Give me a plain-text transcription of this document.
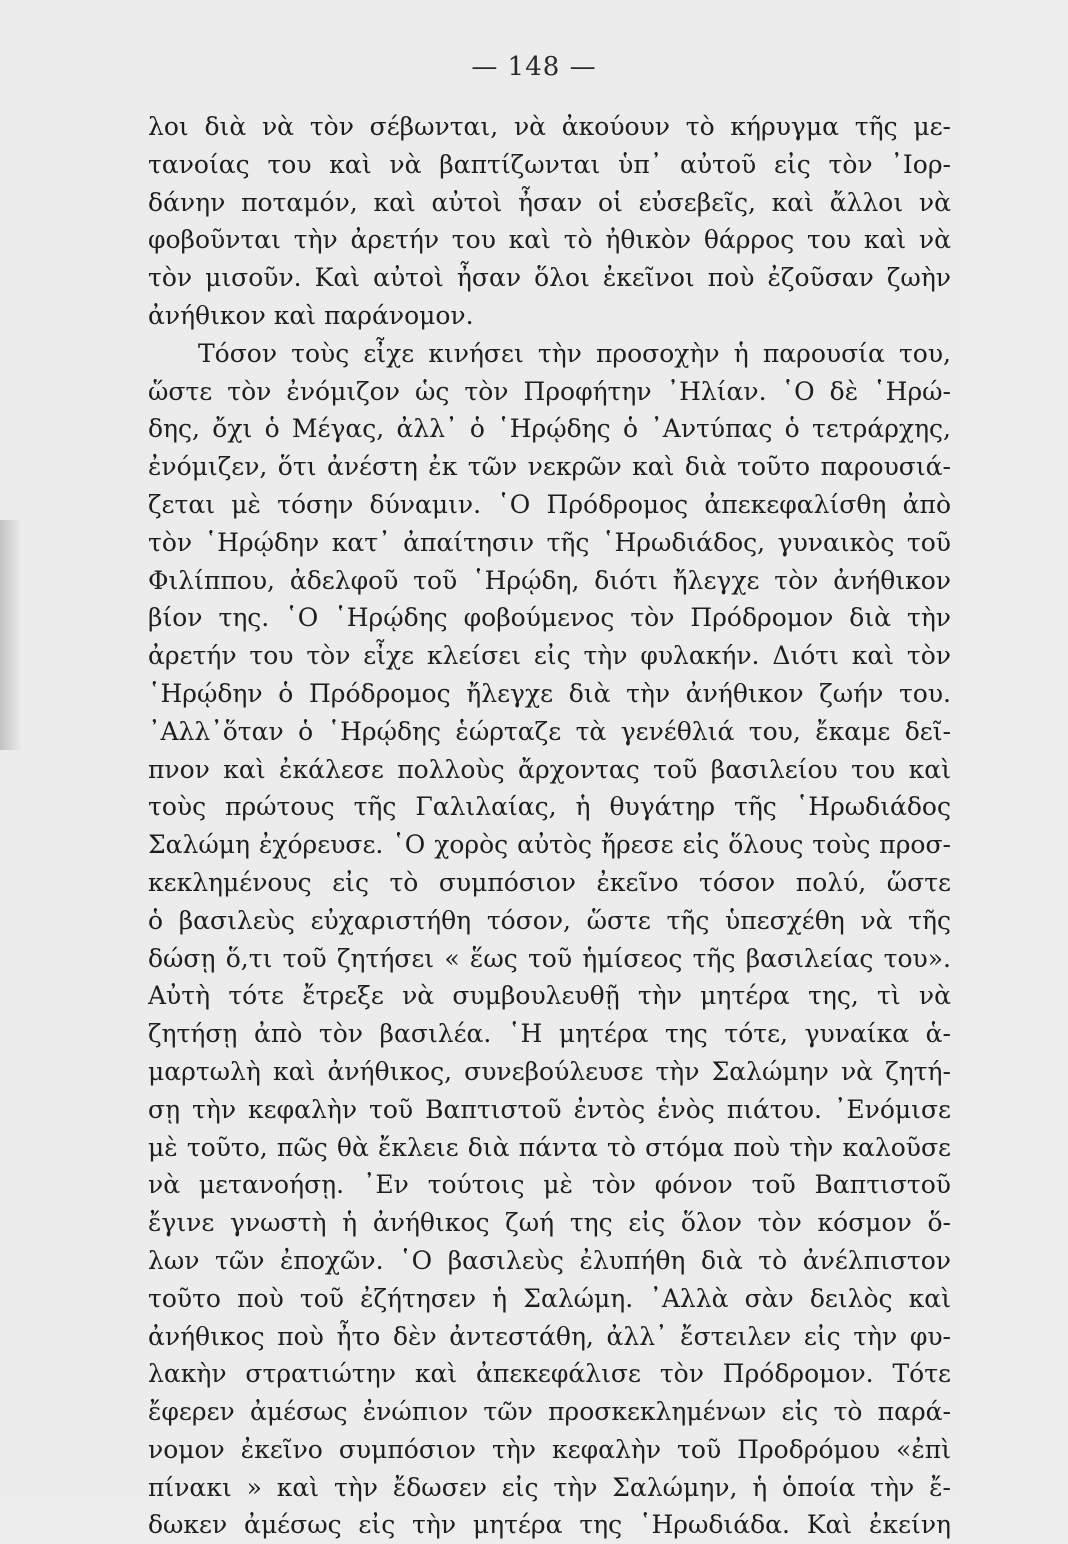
— 148 —
λοι διὰ νὰ τὸν σέβωνται, νὰ ἀκούουν τὸ κήρυγμα τῆς με-
τανοίας του καὶ νὰ βαπτίζωνται ὑπ᾽ αὐτοῦ εἰς τὸν ᾿Ιορ-
δάνην ποταμόν, καὶ αὐτοὶ ἦσαν οἱ εὐσεβεῖς, καὶ ἄλλοι νὰ
φοβοῦνται τὴν ἀρετήν του καὶ τὸ ἠθικὸν θάρρος του καὶ νὰ
τὸν μισοῦν. Καὶ αὐτοὶ ἦσαν ὅλοι ἐκεῖνοι ποὺ ἐζοῦσαν ζωὴν
ἀνήθικον καὶ παράνομον.
Τόσον τοὺς εἶχε κινήσει τὴν προσοχὴν ἡ παρουσία του,
ὥστε τὸν ἐνόμιζον ὡς τὸν Προφήτην ᾿Ηλίαν. ῾Ο δὲ ῾Ηρώ-
δης, ὄχι ὁ Μέγας, ἀλλ᾽ ὁ ῾Ηρῴδης ὁ ᾿Αντύπας ὁ τετράρχης,
ἐνόμιζεν, ὅτι ἀνέστη ἐκ τῶν νεκρῶν καὶ διὰ τοῦτο παρουσιά-
ζεται μὲ τόσην δύναμιν. ῾Ο Πρόδρομος ἀπεκεφαλίσθη ἀπὸ
τὸν ῾Ηρῴδην κατ᾽ ἀπαίτησιν τῆς ῾Ηρωδιάδος, γυναικὸς τοῦ
Φιλίππου, ἀδελφοῦ τοῦ ῾Ηρῴδη, διότι ἤλεγχε τὸν ἀνήθικον
βίον της. ῾Ο ῾Ηρῴδης φοβούμενος τὸν Πρόδρομον διὰ τὴν
ἀρετήν του τὸν εἶχε κλείσει εἰς τὴν φυλακήν. Διότι καὶ τὸν
῾Ηρῴδην ὁ Πρόδρομος ἤλεγχε διὰ τὴν ἀνήθικον ζωήν του.
᾿Αλλ᾽ὅταν ὁ ῾Ηρῴδης ἑώρταζε τὰ γενέθλιά του, ἔκαμε δεῖ-
πνον καὶ ἐκάλεσε πολλοὺς ἄρχοντας τοῦ βασιλείου του καὶ
τοὺς πρώτους τῆς Γαλιλαίας, ἡ θυγάτηρ τῆς ῾Ηρωδιάδος
Σαλώμη ἐχόρευσε. ῾Ο χορὸς αὐτὸς ἤρεσε εἰς ὅλους τοὺς προσ-
κεκλημένους εἰς τὸ συμπόσιον ἐκεῖνο τόσον πολύ, ὥστε
ὁ βασιλεὺς εὐχαριστήθη τόσον, ὥστε τῆς ὑπεσχέθη νὰ τῆς
δώσῃ ὅ,τι τοῦ ζητήσει « ἕως τοῦ ἡμίσεος τῆς βασιλείας του».
Αὐτὴ τότε ἔτρεξε νὰ συμβουλευθῇ τὴν μητέρα της, τὶ νὰ
ζητήσῃ ἀπὸ τὸν βασιλέα. ῾Η μητέρα της τότε, γυναίκα ἁ-
μαρτωλὴ καὶ ἀνήθικος, συνεβούλευσε τὴν Σαλώμην νὰ ζητή-
σῃ τὴν κεφαλὴν τοῦ Βαπτιστοῦ ἐντὸς ἑνὸς πιάτου. ᾿Ενόμισε
μὲ τοῦτο, πῶς θὰ ἔκλειε διὰ πάντα τὸ στόμα ποὺ τὴν καλοῦσε
νὰ μετανοήσῃ. ᾿Εν τούτοις μὲ τὸν φόνον τοῦ Βαπτιστοῦ
ἔγινε γνωστὴ ἡ ἀνήθικος ζωή της εἰς ὅλον τὸν κόσμον ὅ-
λων τῶν ἐποχῶν. ῾Ο βασιλεὺς ἐλυπήθη διὰ τὸ ἀνέλπιστον
τοῦτο ποὺ τοῦ ἐζήτησεν ἡ Σαλώμη. ᾿Αλλὰ σὰν δειλὸς καὶ
ἀνήθικος ποὺ ἦτο δὲν ἀντεστάθη, ἀλλ᾽ ἔστειλεν εἰς τὴν φυ-
λακὴν στρατιώτην καὶ ἀπεκεφάλισε τὸν Πρόδρομον. Τότε
ἔφερεν ἀμέσως ἐνώπιον τῶν προσκεκλημένων εἰς τὸ παρά-
νομον ἐκεῖνο συμπόσιον τὴν κεφαλὴν τοῦ Προδρόμου «ἐπὶ
πίνακι » καὶ τὴν ἔδωσεν εἰς τὴν Σαλώμην, ἡ ὁποία τὴν ἔ-
δωκεν ἀμέσως εἰς τὴν μητέρα της ῾Ηρωδιάδα. Καὶ ἐκείνη
